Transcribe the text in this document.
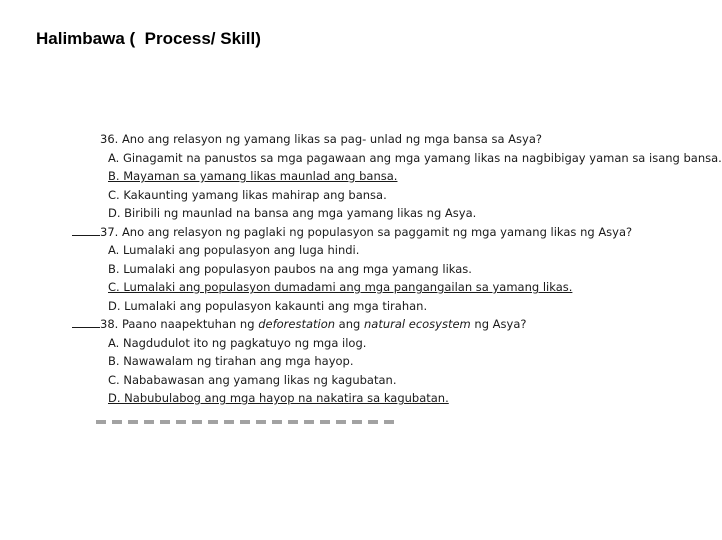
Halimbawa (  Process/ Skill)
36. Ano ang relasyon ng yamang likas sa pag- unlad ng mga bansa sa Asya?
A. Ginagamit na panustos sa mga pagawaan ang mga yamang likas na nagbibigay yaman sa isang bansa.
B. Mayaman sa yamang likas maunlad ang bansa.
C. Kakaunting yamang likas mahirap ang bansa.
D. Biribili ng maunlad na bansa ang mga yamang likas ng Asya.
37. Ano ang relasyon ng paglaki ng populasyon sa paggamit ng mga yamang likas ng Asya?
A. Lumalaki ang populasyon ang luga hindi.
B. Lumalaki ang populasyon paubos na ang mga yamang likas.
C. Lumalaki ang populasyon dumadami ang mga pangangailan sa yamang likas.
D. Lumalaki ang populasyon kakaunti ang mga tirahan.
38. Paano naapektuhan ng deforestation ang natural ecosystem ng Asya?
A. Nagdudulot ito ng pagkatuyo ng mga ilog.
B. Nawawalam ng tirahan ang mga hayop.
C. Nababawasan ang yamang likas ng kagubatan.
D. Nabubulabog ang mga hayop na nakatira sa kagubatan.
